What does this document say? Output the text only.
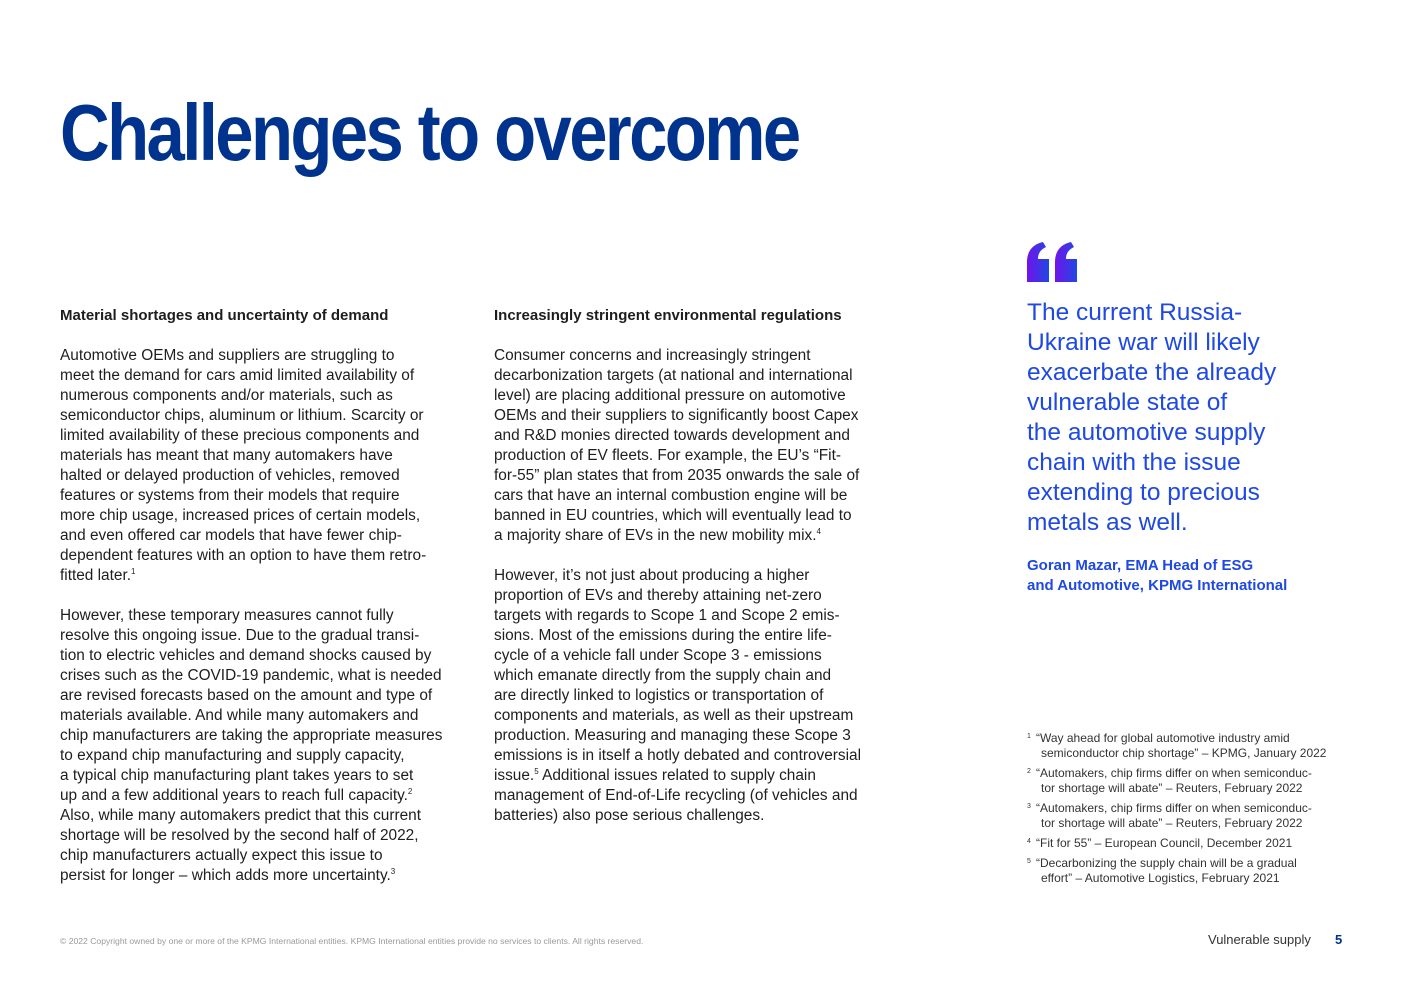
Challenges to overcome
Material shortages and uncertainty of demand

Automotive OEMs and suppliers are struggling to
meet the demand for cars amid limited availability of
numerous components and/or materials, such as
semiconductor chips, aluminum or lithium. Scarcity or
limited availability of these precious components and
materials has meant that many automakers have
halted or delayed production of vehicles, removed
features or systems from their models that require
more chip usage, increased prices of certain models,
and even offered car models that have fewer chip-
dependent features with an option to have them retro-
fitted later.$^1$

However, these temporary measures cannot fully
resolve this ongoing issue. Due to the gradual transi-
tion to electric vehicles and demand shocks caused by
crises such as the COVID-19 pandemic, what is needed
are revised forecasts based on the amount and type of
materials available. And while many automakers and
chip manufacturers are taking the appropriate measures
to expand chip manufacturing and supply capacity,
a typical chip manufacturing plant takes years to set
up and a few additional years to reach full capacity.$^2$
Also, while many automakers predict that this current
shortage will be resolved by the second half of 2022,
chip manufacturers actually expect this issue to
persist for longer – which adds more uncertainty.$^3$

Increasingly stringent environmental regulations

Consumer concerns and increasingly stringent
decarbonization targets (at national and international
level) are placing additional pressure on automotive
OEMs and their suppliers to significantly boost Capex
and R&D monies directed towards development and
production of EV fleets. For example, the EU’s “Fit-
for-55” plan states that from 2035 onwards the sale of
cars that have an internal combustion engine will be
banned in EU countries, which will eventually lead to
a majority share of EVs in the new mobility mix.$^4$

However, it’s not just about producing a higher
proportion of EVs and thereby attaining net-zero
targets with regards to Scope 1 and Scope 2 emis-
sions. Most of the emissions during the entire life-
cycle of a vehicle fall under Scope 3 - emissions
which emanate directly from the supply chain and
are directly linked to logistics or transportation of
components and materials, as well as their upstream
production. Measuring and managing these Scope 3
emissions is in itself a hotly debated and controversial
issue.$^5$ Additional issues related to supply chain
management of End-of-Life recycling (of vehicles and
batteries) also pose serious challenges.

The current Russia-
Ukraine war will likely
exacerbate the already
vulnerable state of
the automotive supply
chain with the issue
extending to precious
metals as well.
Goran Mazar, EMA Head of ESG
and Automotive, KPMG International
1 “Way ahead for global automotive industry amid
semiconductor chip shortage” – KPMG, January 2022
2 “Automakers, chip firms differ on when semiconduc-
tor shortage will abate” – Reuters, February 2022
3 “Automakers, chip firms differ on when semiconduc-
tor shortage will abate” – Reuters, February 2022
4 “Fit for 55” – European Council, December 2021
5 “Decarbonizing the supply chain will be a gradual
effort” – Automotive Logistics, February 2021
© 2022 Copyright owned by one or more of the KPMG International entities. KPMG International entities provide no services to clients. All rights reserved.	Vulnerable supply 5
